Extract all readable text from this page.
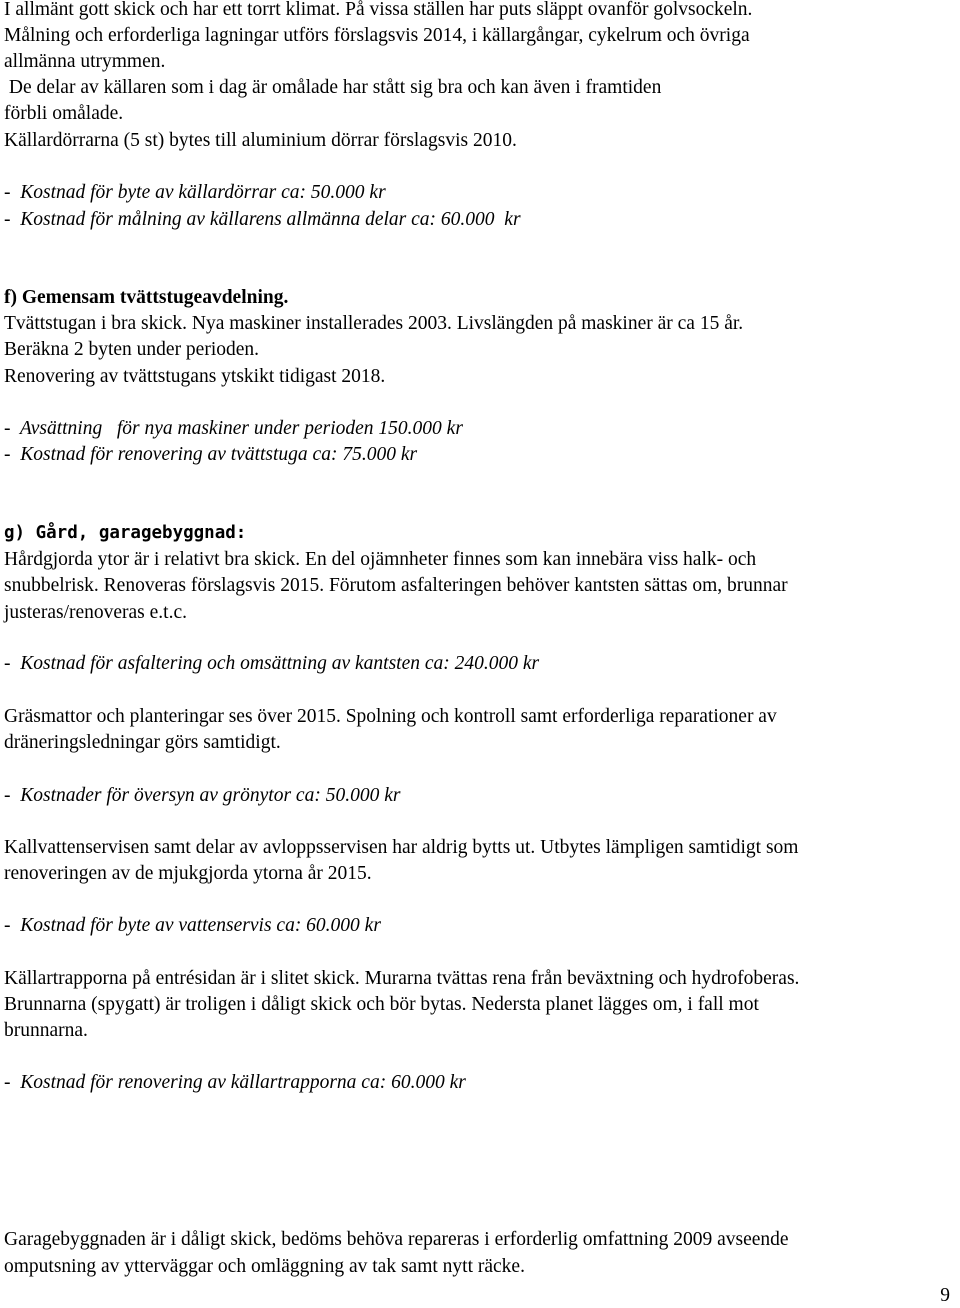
I allmänt gott skick och har ett torrt klimat. På vissa ställen har puts släppt ovanför golvsockeln.
Målning och erforderliga lagningar utförs förslagsvis 2014, i källargångar, cykelrum och övriga
allmänna utrymmen.
De delar av källaren som i dag är omålade har stått sig bra och kan även i framtiden
förbli omålade.
Källardörrarna (5 st) bytes till aluminium dörrar förslagsvis 2010.
-  Kostnad för byte av källardörrar ca: 50.000 kr
-  Kostnad för målning av källarens allmänna delar ca: 60.000  kr
f) Gemensam tvättstugeavdelning.
Tvättstugan i bra skick. Nya maskiner installerades 2003. Livslängden på maskiner är ca 15 år.
Beräkna 2 byten under perioden.
Renovering av tvättstugans ytskikt tidigast 2018.
-  Avsättning   för nya maskiner under perioden 150.000 kr
-  Kostnad för renovering av tvättstuga ca: 75.000 kr
g) Gård, garagebyggnad:
Hårdgjorda ytor är i relativt bra skick. En del ojämnheter finnes som kan innebära viss halk- och
snubbelrisk. Renoveras förslagsvis 2015. Förutom asfalteringen behöver kantsten sättas om, brunnar
justeras/renoveras e.t.c.
-  Kostnad för asfaltering och omsättning av kantsten ca: 240.000 kr
Gräsmattor och planteringar ses över 2015. Spolning och kontroll samt erforderliga reparationer av
dräneringsledningar görs samtidigt.
-  Kostnader för översyn av grönytor ca: 50.000 kr
Kallvattenservisen samt delar av avloppsservisen har aldrig bytts ut. Utbytes lämpligen samtidigt som
renoveringen av de mjukgjorda ytorna år 2015.
-  Kostnad för byte av vattenservis ca: 60.000 kr
Källartrapporna på entrésidan är i slitet skick. Murarna tvättas rena från beväxtning och hydrofoberas.
Brunnarna (spygatt) är troligen i dåligt skick och bör bytas. Nedersta planet lägges om, i fall mot
brunnarna.
-  Kostnad för renovering av källartrapporna ca: 60.000 kr
Garagebyggnaden är i dåligt skick, bedöms behöva repareras i erforderlig omfattning 2009 avseende
omputsning av ytterväggar och omläggning av tak samt nytt räcke.
9
